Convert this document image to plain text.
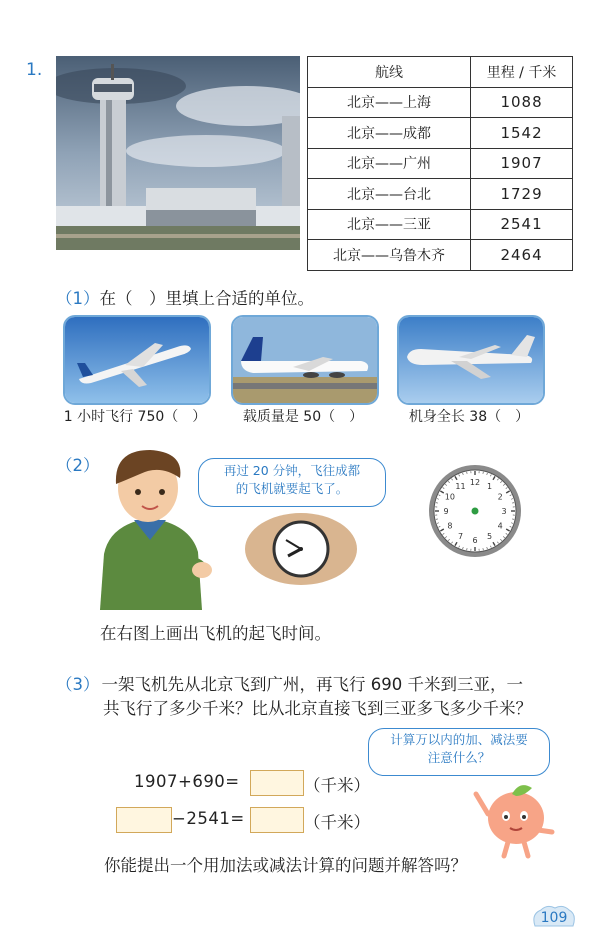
1.	航线	里程 / 千米
北京——上海	1088
北京——成都	1542
北京——广州	1907
北京——台北	1729
北京——三亚	2541
北京——乌鲁木齐	2464
（1）在（　）里填上合适的单位。
1 小时飞行 750（　）	载质量是 50（　）	机身全长 38（　）
（2）	再过 20 分钟，飞往成都
的飞机就要起飞了。	12 1
2
3
4
5
6
7
8
9
10
11
在右图上画出飞机的起飞时间。
（3） 一架飞机先从北京飞到广州，再飞行 690 千米到三亚，一
共飞行了多少千米？比从北京直接飞到三亚多飞多少千米？
计算万以内的加、减法要
注意什么？
1907+690=	（千米）
−2541=	（千米）
你能提出一个用加法或减法计算的问题并解答吗？
109
